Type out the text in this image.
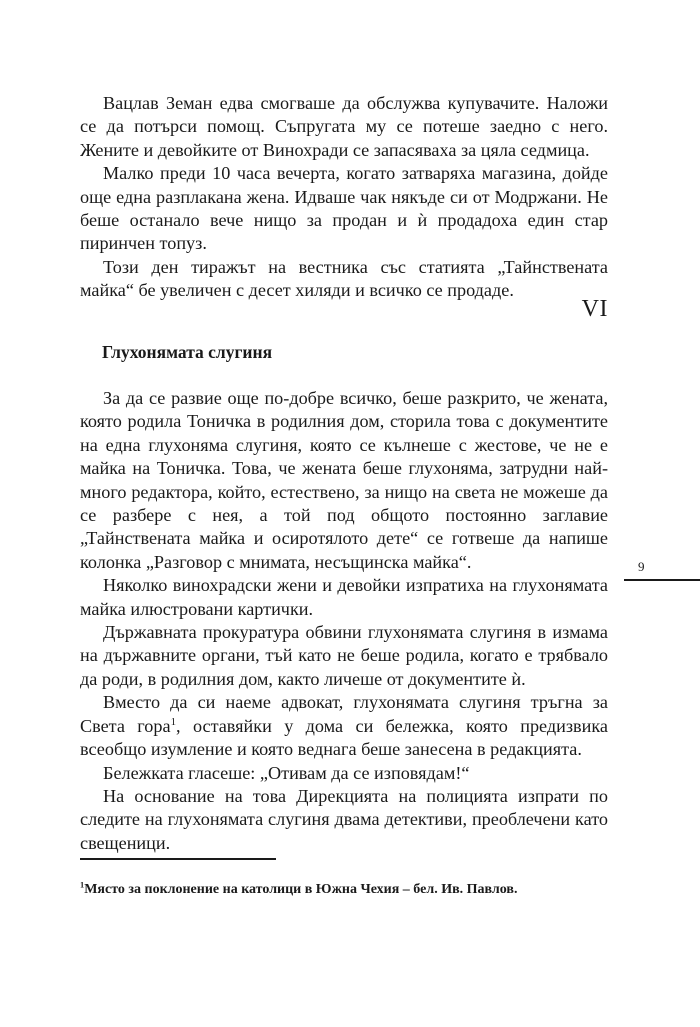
Вацлав Земан едва смогваше да обслужва купувачите. Наложи се да потърси помощ. Съпругата му се потеше заедно с него. Жените и девойките от Винохради се запасяваха за цяла седмица.

Малко преди 10 часа вечерта, когато затваряха магазина, дойде още една разплакана жена. Идваше чак някъде си от Модржани. Не беше останало вече нищо за продан и ѝ продадоха един стар пиринчен топуз.

Този ден тиражът на вестника със статията „Тайнствената майка“ бе увеличен с десет хиляди и всичко се продаде.

VI
Глухонямата слугиня

За да се развие още по-добре всичко, беше разкрито, че жената, която родила Тоничка в родилния дом, сторила това с документите на една глухоняма слугиня, която се кълнеше с жестове, че не е майка на Тоничка. Това, че жената беше глухоняма, затрудни най-много редактора, който, естествено, за нищо на света не можеше да се разбере с нея, а той под общото постоянно заглавие „Тайнствената майка и осиротялото дете“ се готвеше да напише колонка „Разговор с мнимата, несъщинска майка“.

Няколко винохрадски жени и девойки изпратиха на глухонямата майка илюстровани картички.

Държавната прокуратура обвини глухонямата слугиня в измама на държавните органи, тъй като не беше родила, когато е трябвало да роди, в родилния дом, както личеше от документите ѝ.

Вместо да си наеме адвокат, глухонямата слугиня тръгна за Света гора$^1$, оставяйки у дома си бележка, която предизвика всеобщо изумление и която веднага беше занесена в редакцията.

Бележката гласеше: „Отивам да се изповядам!“

На основание на това Дирекцията на полицията изпрати по следите на глухонямата слугиня двама детективи, преоблечени като свещеници.

9
$^1$Място за поклонение на католици в Южна Чехия – бел. Ив. Павлов.
